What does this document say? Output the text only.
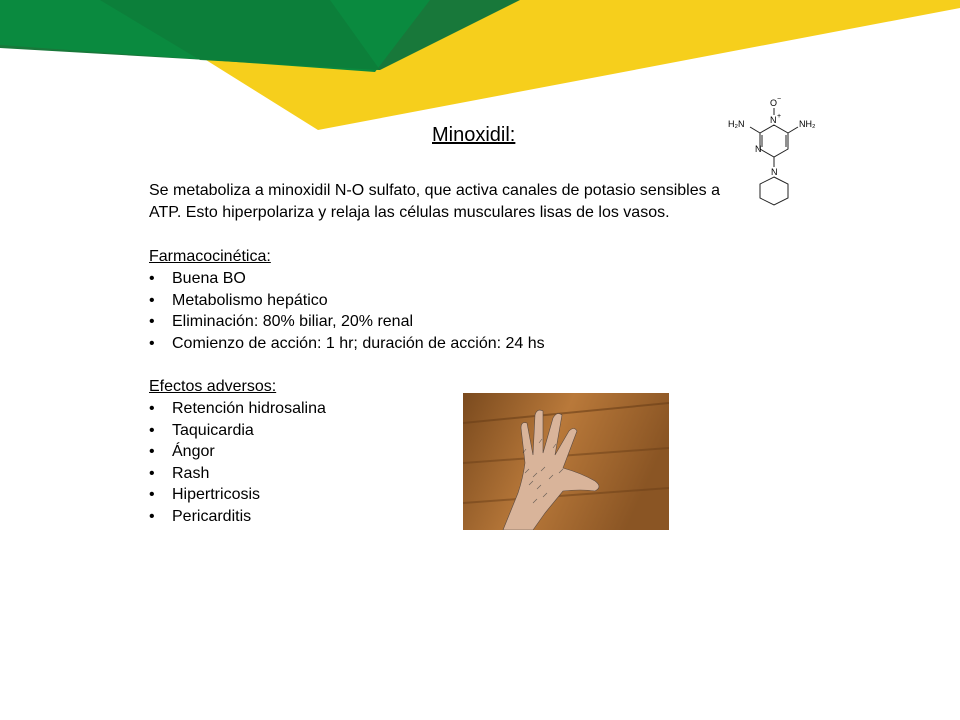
Minoxidil:
O −
N +
H₂N	NH₂
N
N

Se metaboliza a minoxidil N-O sulfato, que activa canales de potasio sensibles a ATP. Esto hiperpolariza y relaja las células musculares lisas de los vasos.

Farmacocinética:

• Buena BO
• Metabolismo hepático
• Eliminación: 80% biliar, 20% renal
• Comienzo de acción: 1 hr; duración de acción: 24 hs

Efectos adversos:

• Retención hidrosalina
• Taquicardia
• Ángor
• Rash
• Hipertricosis
• Pericarditis
